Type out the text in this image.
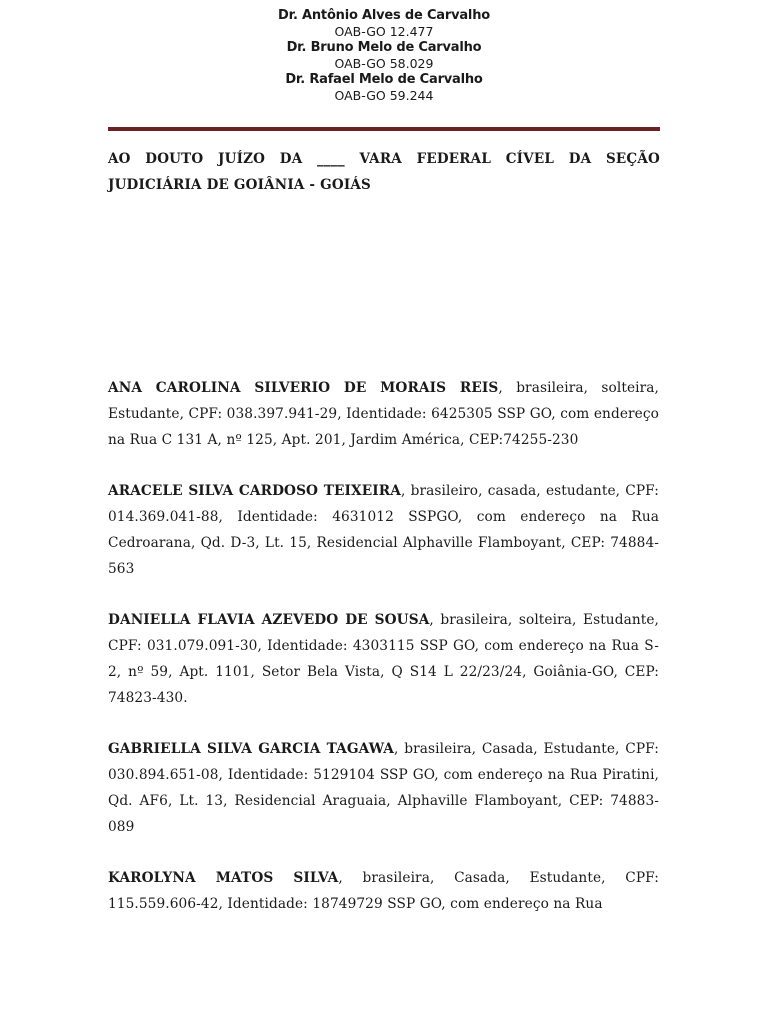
Dr. Antônio Alves de Carvalho
OAB-GO 12.477
Dr. Bruno Melo de Carvalho
OAB-GO 58.029
Dr. Rafael Melo de Carvalho
OAB-GO 59.244
AO DOUTO JUÍZO DA ____ VARA FEDERAL CÍVEL DA SEÇÃO
JUDICIÁRIA DE GOIÂNIA - GOIÁS

ANA CAROLINA SILVERIO DE MORAIS REIS, brasileira, solteira, Estudante, CPF: 038.397.941-29, Identidade: 6425305 SSP GO, com endereço na Rua C 131 A, nº 125, Apt. 201, Jardim América, CEP:74255-230

ARACELE SILVA CARDOSO TEIXEIRA, brasileiro, casada, estudante, CPF: 014.369.041-88, Identidade: 4631012 SSPGO, com endereço na Rua Cedroarana, Qd. D-3, Lt. 15, Residencial Alphaville Flamboyant, CEP: 74884-563

DANIELLA FLAVIA AZEVEDO DE SOUSA, brasileira, solteira, Estudante, CPF: 031.079.091-30, Identidade: 4303115 SSP GO, com endereço na Rua S-2, nº 59, Apt. 1101, Setor Bela Vista, Q S14 L 22/23/24, Goiânia-GO, CEP: 74823-430.

GABRIELLA SILVA GARCIA TAGAWA, brasileira, Casada, Estudante, CPF: 030.894.651-08, Identidade: 5129104 SSP GO, com endereço na Rua Piratini, Qd. AF6, Lt. 13, Residencial Araguaia, Alphaville Flamboyant, CEP: 74883-089

KAROLYNA MATOS SILVA, brasileira, Casada, Estudante, CPF: 115.559.606-42, Identidade: 18749729 SSP GO, com endereço na Rua
